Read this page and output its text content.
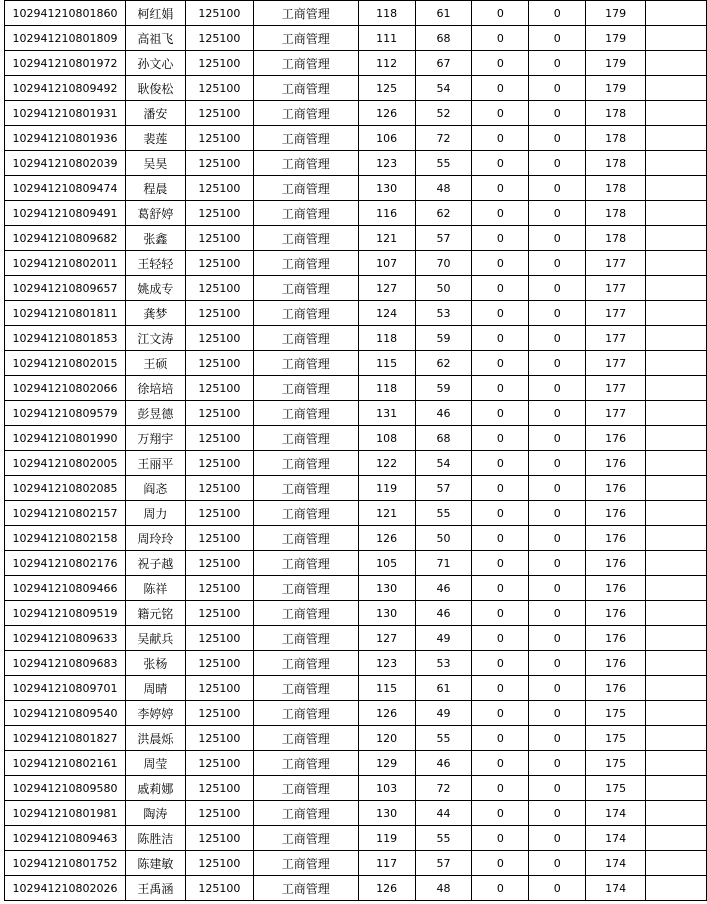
102941210801860	柯红娟	125100	工商管理	118	61	0	0	179	
102941210801809	高祖飞	125100	工商管理	111	68	0	0	179	
102941210801972	孙文心	125100	工商管理	112	67	0	0	179	
102941210809492	耿俊松	125100	工商管理	125	54	0	0	179	
102941210801931	潘安	125100	工商管理	126	52	0	0	178	
102941210801936	裴莲	125100	工商管理	106	72	0	0	178	
102941210802039	吴昊	125100	工商管理	123	55	0	0	178	
102941210809474	程晨	125100	工商管理	130	48	0	0	178	
102941210809491	葛舒婷	125100	工商管理	116	62	0	0	178	
102941210809682	张鑫	125100	工商管理	121	57	0	0	178	
102941210802011	王轻轻	125100	工商管理	107	70	0	0	177	
102941210809657	姚成专	125100	工商管理	127	50	0	0	177	
102941210801811	龚梦	125100	工商管理	124	53	0	0	177	
102941210801853	江文涛	125100	工商管理	118	59	0	0	177	
102941210802015	王硕	125100	工商管理	115	62	0	0	177	
102941210802066	徐培培	125100	工商管理	118	59	0	0	177	
102941210809579	彭昱德	125100	工商管理	131	46	0	0	177	
102941210801990	万翔宇	125100	工商管理	108	68	0	0	176	
102941210802005	王丽平	125100	工商管理	122	54	0	0	176	
102941210802085	阎忞	125100	工商管理	119	57	0	0	176	
102941210802157	周力	125100	工商管理	121	55	0	0	176	
102941210802158	周玲玲	125100	工商管理	126	50	0	0	176	
102941210802176	祝子越	125100	工商管理	105	71	0	0	176	
102941210809466	陈祥	125100	工商管理	130	46	0	0	176	
102941210809519	籍元铭	125100	工商管理	130	46	0	0	176	
102941210809633	吴献兵	125100	工商管理	127	49	0	0	176	
102941210809683	张杨	125100	工商管理	123	53	0	0	176	
102941210809701	周晴	125100	工商管理	115	61	0	0	176	
102941210809540	李婷婷	125100	工商管理	126	49	0	0	175	
102941210801827	洪晨烁	125100	工商管理	120	55	0	0	175	
102941210802161	周莹	125100	工商管理	129	46	0	0	175	
102941210809580	戚莉娜	125100	工商管理	103	72	0	0	175	
102941210801981	陶涛	125100	工商管理	130	44	0	0	174	
102941210809463	陈胜洁	125100	工商管理	119	55	0	0	174	
102941210801752	陈建敏	125100	工商管理	117	57	0	0	174	
102941210802026	王禹涵	125100	工商管理	126	48	0	0	174	
